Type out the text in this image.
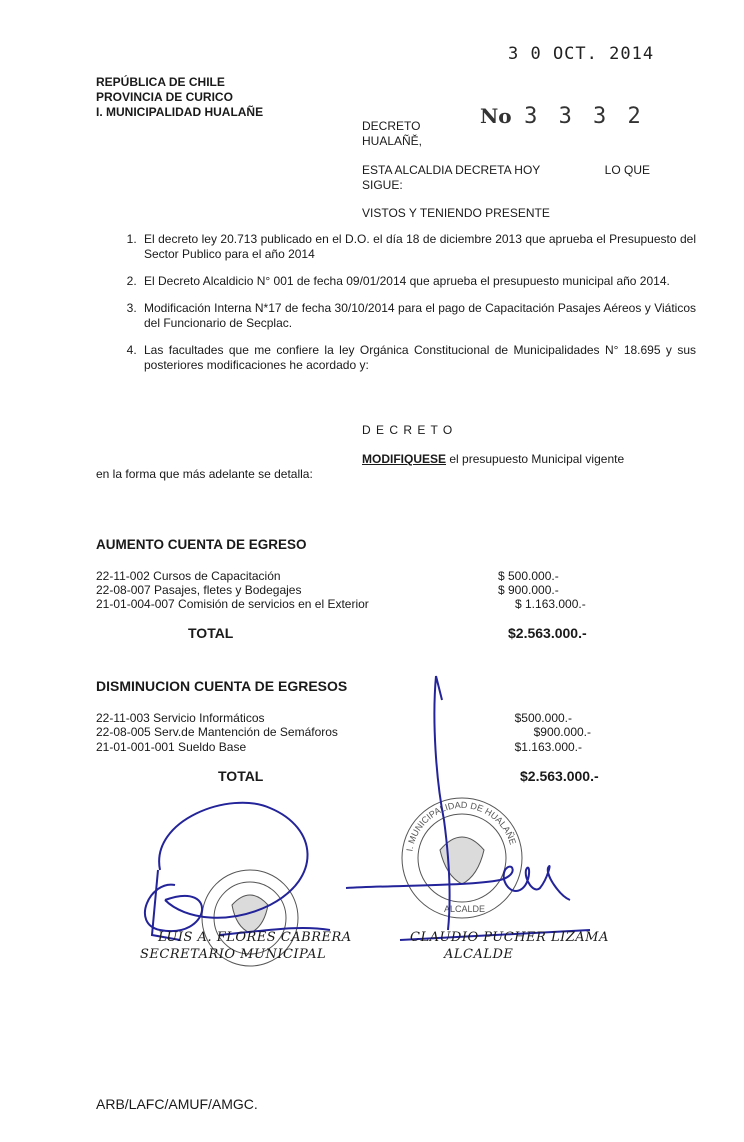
3 0 OCT. 2014
No 3 3 3 2
REPÚBLICA DE CHILE
PROVINCIA DE CURICO
I. MUNICIPALIDAD HUALAÑE
DECRETO
HUALAÑĚ,
ESTA ALCALDIA DECRETA HOY	LO QUE
SIGUE:
VISTOS Y TENIENDO PRESENTE
1. El decreto ley 20.713 publicado en el D.O. el día 18 de diciembre 2013 que aprueba el Presupuesto del Sector Publico para el año 2014
2. El Decreto Alcaldicio N° 001 de fecha 09/01/2014 que aprueba el presupuesto municipal año 2014.
3. Modificación Interna N*17 de fecha 30/10/2014 para el pago de Capacitación Pasajes Aéreos y Viáticos del Funcionario de Secplac.
4. Las facultades que me confiere la ley Orgánica Constitucional de Municipalidades N° 18.695 y sus posteriores modificaciones he acordado y:
D E C R E T O
MODIFIQUESE el presupuesto Municipal vigente
en la forma que más adelante se detalla:
AUMENTO CUENTA DE EGRESO
22-11-002 Cursos de Capacitación	$ 500.000.-
22-08-007 Pasajes, fletes y Bodegajes	$ 900.000.-
21-01-004-007 Comisión de servicios en el Exterior	$ 1.163.000.-
TOTAL	$2.563.000.-
DISMINUCION CUENTA DE EGRESOS
22-11-003 Servicio Informáticos	$500.000.-
22-08-005 Serv.de Mantención de Semáforos	$900.000.-
21-01-001-001 Sueldo Base	$1.163.000.-
TOTAL	$2.563.000.-
I. MUNICIPALIDAD DE HUALAÑE
ALCALDE
LUIS A. FLORES CABRERA
SECRETARIO MUNICIPAL
CLAUDIO PUCHER LIZAMA
ALCALDE
ARB/LAFC/AMUF/AMGC.
